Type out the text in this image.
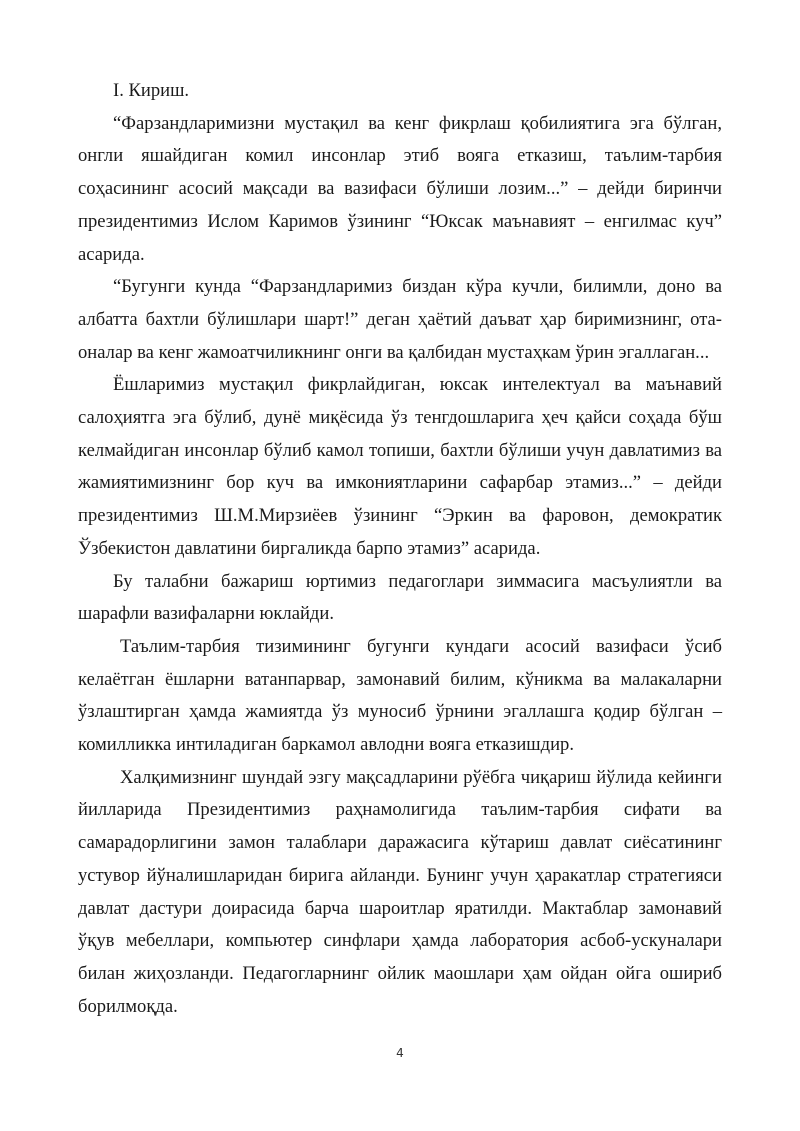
I. Кириш.

“Фарзандларимизни мустақил ва кенг фикрлаш қобилиятига эга бўлган, онгли яшайдиган комил инсонлар этиб вояга етказиш, таълим-тарбия соҳасининг асосий мақсади ва вазифаси бўлиши лозим...” – дейди биринчи президентимиз Ислом Каримов ўзининг “Юксак маънавият – енгилмас куч” асарида.

“Бугунги кунда “Фарзандларимиз биздан кўра кучли, билимли, доно ва албатта бахтли бўлишлари шарт!” деган ҳаётий даъват ҳар биримизнинг, ота-оналар ва кенг жамоатчиликнинг онги ва қалбидан мустаҳкам ўрин эгаллаган...

Ёшларимиз мустақил фикрлайдиган, юксак интелектуал ва маънавий салоҳиятга эга бўлиб, дунё миқёсида ўз тенгдошларига ҳеч қайси соҳада бўш келмайдиган инсонлар бўлиб камол топиши, бахтли бўлиши учун давлатимиз ва жамиятимизнинг бор куч ва имкониятларини сафарбар этамиз...” – дейди президентимиз Ш.М.Мирзиёев ўзининг “Эркин ва фаровон, демократик Ўзбекистон давлатини биргаликда барпо этамиз” асарида.

Бу талабни бажариш юртимиз педагоглари зиммасига масъулиятли ва шарафли вазифаларни юклайди.

Таълим-тарбия тизимининг бугунги кундаги асосий вазифаси ўсиб келаётган ёшларни ватанпарвар, замонавий билим, кўникма ва малакаларни ўзлаштирган ҳамда жамиятда ўз муносиб ўрнини эгаллашга қодир бўлган – комилликка интиладиган баркамол авлодни вояга етказишдир.

Халқимизнинг шундай эзгу мақсадларини рўёбга чиқариш йўлида кейинги йилларида Президентимиз раҳнамолигида таълим-тарбия сифати ва самарадорлигини замон талаблари даражасига кўтариш давлат сиёсатининг устувор йўналишларидан бирига айланди. Бунинг учун ҳаракатлар стратегияси давлат дастури доирасида барча шароитлар яратилди. Мактаблар замонавий ўқув мебеллари, компьютер синфлари ҳамда лаборатория асбоб-ускуналари билан жиҳозланди. Педагогларнинг ойлик маошлари ҳам ойдан ойга ошириб борилмоқда.

4
